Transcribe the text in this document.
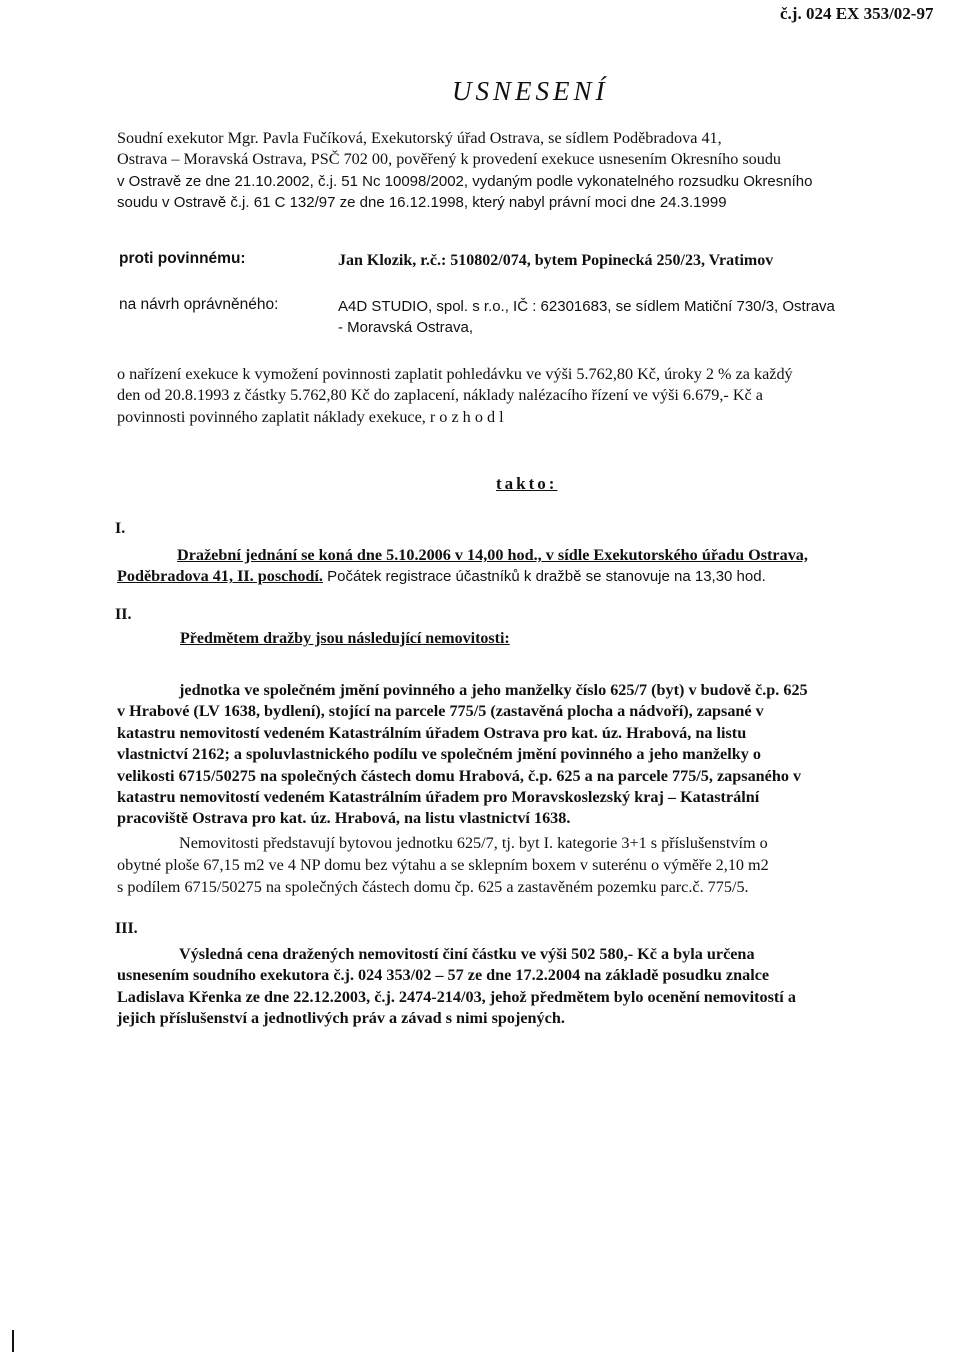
č.j. 024 EX 353/02-97
USNESENÍ
Soudní exekutor Mgr. Pavla Fučíková, Exekutorský úřad Ostrava, se sídlem Poděbradova 41,
Ostrava – Moravská Ostrava, PSČ 702 00, pověřený k provedení exekuce usnesením Okresního soudu
v Ostravě ze dne 21.10.2002, č.j. 51 Nc 10098/2002, vydaným podle vykonatelného rozsudku Okresního
soudu v Ostravě č.j. 61 C 132/97 ze dne 16.12.1998, který nabyl právní moci dne 24.3.1999
proti povinnému:	Jan Klozik, r.č.: 510802/074, bytem Popinecká 250/23, Vratimov
na návrh oprávněného:	A4D STUDIO, spol. s r.o., IČ : 62301683, se sídlem Matiční 730/3, Ostrava
- Moravská Ostrava,
o nařízení exekuce k vymožení povinnosti zaplatit pohledávku ve výši 5.762,80 Kč, úroky 2 % za každý
den od 20.8.1993 z částky 5.762,80 Kč do zaplacení, náklady nalézacího řízení ve výši 6.679,- Kč a
povinnosti povinného zaplatit náklady exekuce, r o z h o d l
takto:
I.
Dražební jednání se koná dne 5.10.2006 v 14,00 hod., v sídle Exekutorského úřadu Ostrava,
Poděbradova 41, II. poschodí. Počátek registrace účastníků k dražbě se stanovuje na 13,30 hod.
II.
Předmětem dražby jsou následující nemovitosti:
jednotka ve společném jmění povinného a jeho manželky číslo 625/7 (byt) v budově č.p. 625
v Hrabové (LV 1638, bydlení), stojící na parcele 775/5 (zastavěná plocha a nádvoří), zapsané v
katastru nemovitostí vedeném Katastrálním úřadem Ostrava pro kat. úz. Hrabová, na listu
vlastnictví 2162; a spoluvlastnického podílu ve společném jmění povinného a jeho manželky o
velikosti 6715/50275 na společných částech domu Hrabová, č.p. 625 a na parcele 775/5, zapsaného v
katastru nemovitostí vedeném Katastrálním úřadem pro Moravskoslezský kraj – Katastrální
pracoviště Ostrava pro kat. úz. Hrabová, na listu vlastnictví 1638.
Nemovitosti představují bytovou jednotku 625/7, tj. byt I. kategorie 3+1 s příslušenstvím o
obytné ploše 67,15 m2 ve 4 NP domu bez výtahu a se sklepním boxem v suterénu o výměře 2,10 m2
s podílem 6715/50275 na společných částech domu čp. 625 a zastavěném pozemku parc.č. 775/5.
III.
Výsledná cena dražených nemovitostí činí částku ve výši 502 580,- Kč a byla určena
usnesením soudního exekutora č.j. 024 353/02 – 57 ze dne 17.2.2004 na základě posudku znalce
Ladislava Křenka ze dne 22.12.2003, č.j. 2474-214/03, jehož předmětem bylo ocenění nemovitostí a
jejich příslušenství a jednotlivých práv a závad s nimi spojených.
